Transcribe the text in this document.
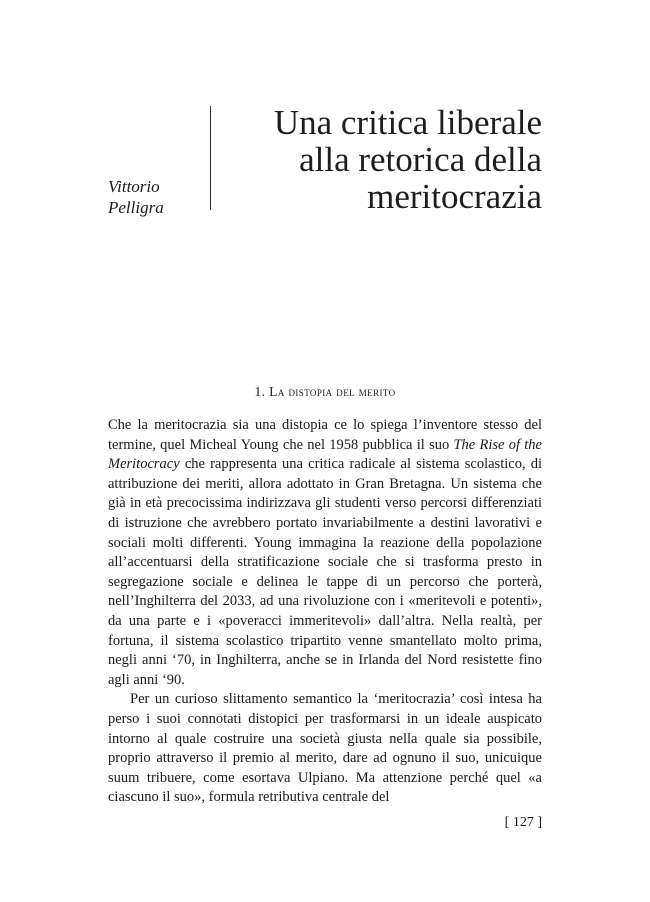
Vittorio
Pelligra
Una critica liberale
alla retorica della
meritocrazia
1. La distopia del merito

Che la meritocrazia sia una distopia ce lo spiega l’inventore stesso del termine, quel Micheal Young che nel 1958 pubblica il suo The Rise of the Meritocracy che rappresenta una critica radicale al sistema scolastico, di attribuzione dei meriti, allora adottato in Gran Bretagna. Un sistema che già in età precocissima indirizzava gli studenti verso percorsi differenziati di istruzione che avrebbero portato invariabilmente a destini lavorativi e sociali molti differenti. Young immagina la reazione della popolazione all’accentuarsi della stratificazione sociale che si trasforma presto in segregazione sociale e delinea le tappe di un percorso che porterà, nell’Inghilterra del 2033, ad una rivoluzione con i «meritevoli e potenti», da una parte e i «poveracci immeritevoli» dall’altra. Nella realtà, per fortuna, il sistema scolastico tripartito venne smantellato molto prima, negli anni ‘70, in Inghilterra, anche se in Irlanda del Nord resistette fino agli anni ‘90.

Per un curioso slittamento semantico la ‘meritocrazia’ così intesa ha perso i suoi connotati distopici per trasformarsi in un ideale auspicato intorno al quale costruire una società giusta nella quale sia possibile, proprio attraverso il premio al merito, dare ad ognuno il suo, unicuique suum tribuere, come esortava Ulpiano. Ma attenzione perché quel «a ciascuno il suo», formula retributiva centrale del

[ 127 ]
